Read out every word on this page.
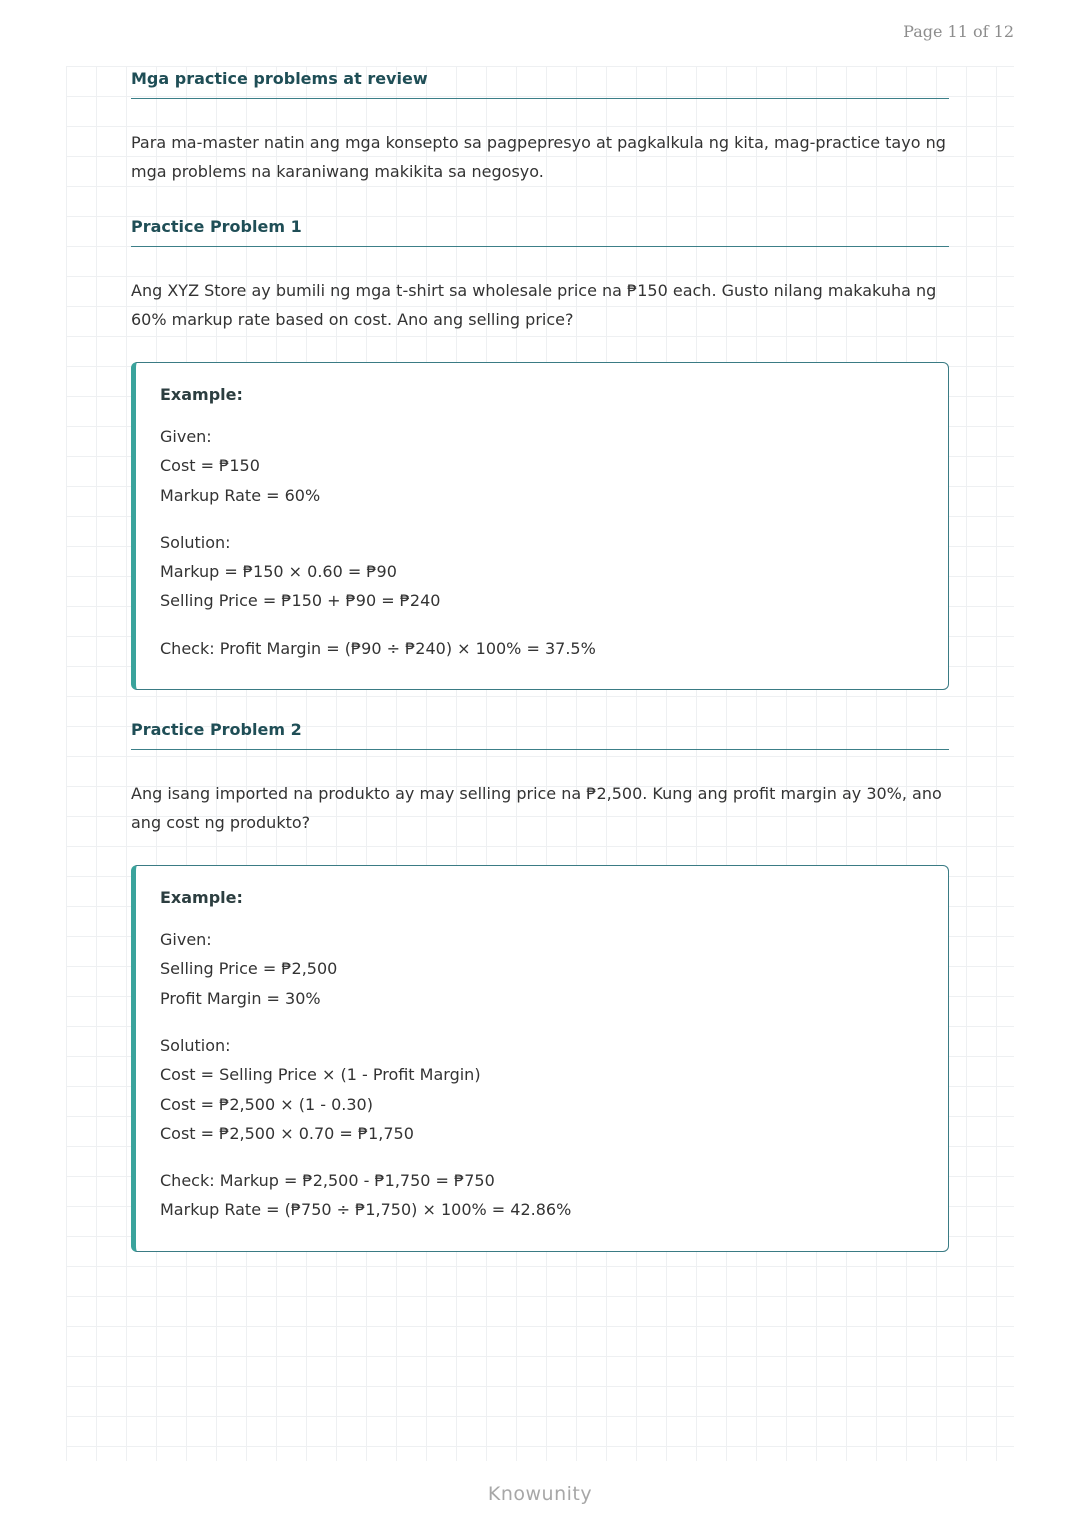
Page 11 of 12
Mga practice problems at review

Para ma-master natin ang mga konsepto sa pagpepresyo at pagkalkula ng kita, mag-practice tayo ng mga problems na karaniwang makikita sa negosyo.

Practice Problem 1

Ang XYZ Store ay bumili ng mga t-shirt sa wholesale price na ₱150 each. Gusto nilang makakuha ng 60% markup rate based on cost. Ano ang selling price?

Example:

Given:

Cost = ₱150

Markup Rate = 60%

Solution:

Markup = ₱150 × 0.60 = ₱90

Selling Price = ₱150 + ₱90 = ₱240

Check: Profit Margin = (₱90 ÷ ₱240) × 100% = 37.5%

Practice Problem 2

Ang isang imported na produkto ay may selling price na ₱2,500. Kung ang profit margin ay 30%, ano ang cost ng produkto?

Example:

Given:

Selling Price = ₱2,500

Profit Margin = 30%

Solution:

Cost = Selling Price × (1 - Profit Margin)

Cost = ₱2,500 × (1 - 0.30)

Cost = ₱2,500 × 0.70 = ₱1,750

Check: Markup = ₱2,500 - ₱1,750 = ₱750

Markup Rate = (₱750 ÷ ₱1,750) × 100% = 42.86%

Knowunity
